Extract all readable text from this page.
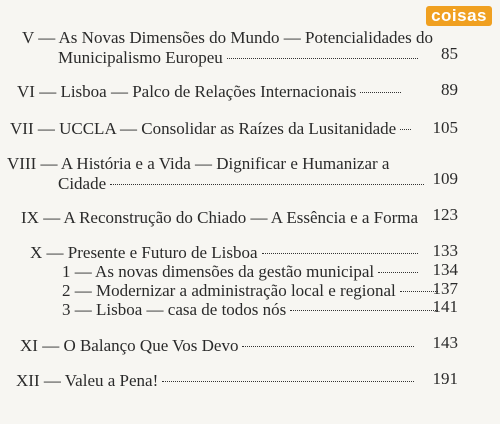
coisas
V — As Novas Dimensões do Mundo — Potencialidades do
Municipalismo Europeu	85
VI — Lisboa — Palco de Relações Internacionais	89
VII — UCCLA — Consolidar as Raízes da Lusitanidade	105
VIII — A História e a Vida — Dignificar e Humanizar a
Cidade	109
IX — A Reconstrução do Chiado — A Essência e a Forma 123
X — Presente e Futuro de Lisboa	133
1 — As novas dimensões da gestão municipal	134
2 — Modernizar a administração local e regional	137
3 — Lisboa — casa de todos nós	141
XI — O Balanço Que Vos Devo	143
XII — Valeu a Pena!	191
